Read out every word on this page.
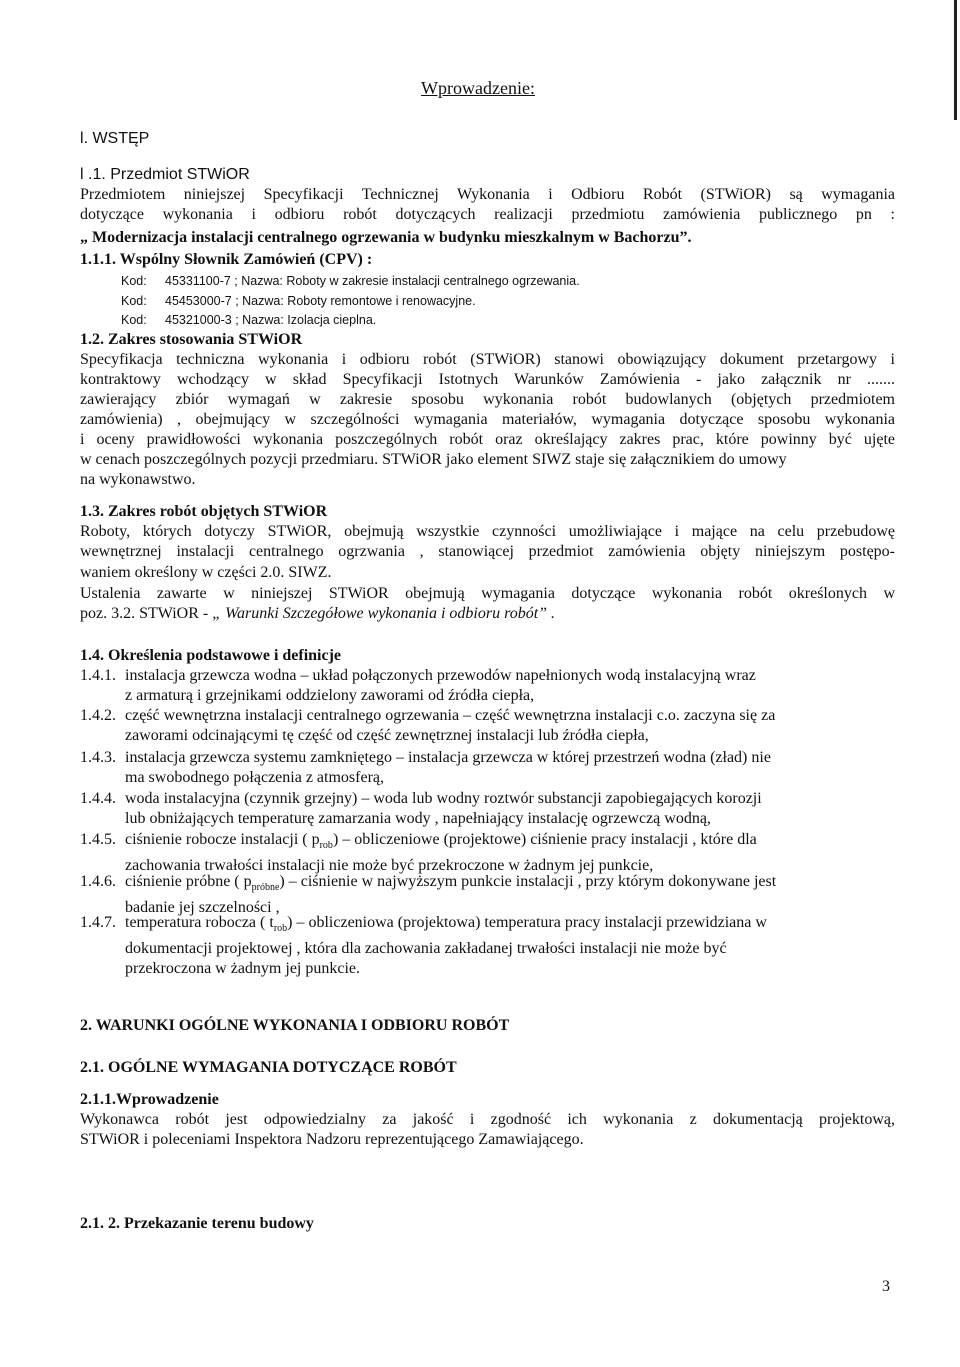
Wprowadzenie:
l. WSTĘP
l .1. Przedmiot STWiOR
Przedmiotem niniejszej Specyfikacji Technicznej Wykonania i Odbioru Robót (STWiOR) są wymagania
dotyczące wykonania i odbioru robót dotyczących realizacji przedmiotu zamówienia publicznego pn :
„ Modernizacja instalacji centralnego ogrzewania w budynku mieszkalnym w Bachorzu”.
1.1.1. Wspólny Słownik Zamówień (CPV) :
Kod: 45331100-7 ; Nazwa: Roboty w zakresie instalacji centralnego ogrzewania.
Kod: 45453000-7 ; Nazwa: Roboty remontowe i renowacyjne.
Kod: 45321000-3 ; Nazwa: Izolacja cieplna.
1.2. Zakres stosowania STWiOR
Specyfikacja techniczna wykonania i odbioru robót (STWiOR) stanowi obowiązujący dokument przetargowy i
kontraktowy wchodzący w skład Specyfikacji Istotnych Warunków Zamówienia - jako załącznik nr .......
zawierający zbiór wymagań w zakresie sposobu wykonania robót budowlanych (objętych przedmiotem
zamówienia) , obejmujący w szczególności wymagania materiałów, wymagania dotyczące sposobu wykonania
i oceny prawidłowości wykonania poszczególnych robót oraz określający zakres prac, które powinny być ujęte
w cenach poszczególnych pozycji przedmiaru. STWiOR jako element SIWZ staje się załącznikiem do umowy
na wykonawstwo.
1.3. Zakres robót objętych STWiOR
Roboty, których dotyczy STWiOR, obejmują wszystkie czynności umożliwiające i mające na celu przebudowę
wewnętrznej instalacji centralnego ogrzwania , stanowiącej przedmiot zamówienia objęty niniejszym postępo-
waniem określony w części 2.0. SIWZ.
Ustalenia zawarte w niniejszej STWiOR obejmują wymagania dotyczące wykonania robót określonych w
poz. 3.2. STWiOR - „ Warunki Szczegółowe wykonania i odbioru robót” .
1.4. Określenia podstawowe i definicje
1.4.1. instalacja grzewcza wodna – układ połączonych przewodów napełnionych wodą instalacyjną wraz
z armaturą i grzejnikami oddzielony zaworami od źródła ciepła,
1.4.2. część wewnętrzna instalacji centralnego ogrzewania – część wewnętrzna instalacji c.o. zaczyna się za
zaworami odcinającymi tę część od część zewnętrznej instalacji lub źródła ciepła,
1.4.3. instalacja grzewcza systemu zamkniętego – instalacja grzewcza w której przestrzeń wodna (zład) nie
ma swobodnego połączenia z atmosferą,
1.4.4. woda instalacyjna (czynnik grzejny) – woda lub wodny roztwór substancji zapobiegających korozji
lub obniżających temperaturę zamarzania wody , napełniający instalację ogrzewczą wodną,
1.4.5. ciśnienie robocze instalacji ( $p_{rob}$) – obliczeniowe (projektowe) ciśnienie pracy instalacji , które dla
zachowania trwałości instalacji nie może być przekroczone w żadnym jej punkcie,
1.4.6. ciśnienie próbne ( $p_{próbne}$) – ciśnienie w najwyższym punkcie instalacji , przy którym dokonywane jest
badanie jej szczelności ,
1.4.7. temperatura robocza ( $t_{rob}$) – obliczeniowa (projektowa) temperatura pracy instalacji przewidziana w
dokumentacji projektowej , która dla zachowania zakładanej trwałości instalacji nie może być
przekroczona w żadnym jej punkcie.
2. WARUNKI OGÓLNE WYKONANIA I ODBIORU ROBÓT
2.1. OGÓLNE WYMAGANIA DOTYCZĄCE ROBÓT
2.1.1.Wprowadzenie
Wykonawca robót jest odpowiedzialny za jakość i zgodność ich wykonania z dokumentacją projektową,
STWiOR i poleceniami Inspektora Nadzoru reprezentującego Zamawiającego.
2.1. 2. Przekazanie terenu budowy
3
